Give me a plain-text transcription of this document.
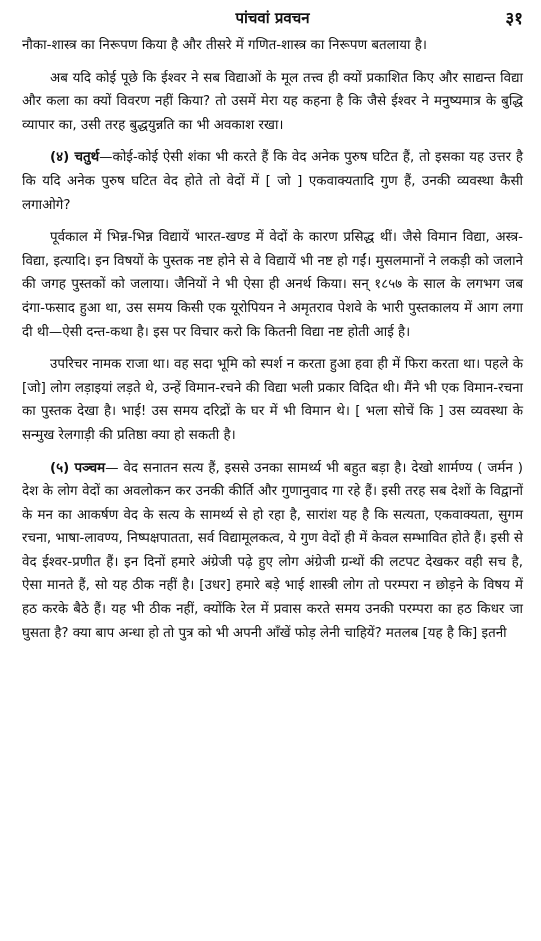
पांचवां प्रवचन	३१

नौका-शास्त्र का निरूपण किया है और तीसरे में गणित-शास्त्र का निरूपण बतलाया है।

अब यदि कोई पूछे कि ईश्वर ने सब विद्याओं के मूल तत्त्व ही क्यों प्रकाशित किए और साद्यन्त विद्या और कला का क्यों विवरण नहीं किया? तो उसमें मेरा यह कहना है कि जैसे ईश्वर ने मनुष्यमात्र के बुद्धि व्यापार का, उसी तरह बुद्धयुन्नति का भी अवकाश रखा।

(४) चतुर्थ—कोई-कोई ऐसी शंका भी करते हैं कि वेद अनेक पुरुष घटित हैं, तो इसका यह उत्तर है कि यदि अनेक पुरुष घटित वेद होते तो वेदों में [ जो ] एकवाक्यतादि गुण हैं, उनकी व्यवस्था कैसी लगाओगे?

पूर्वकाल में भिन्न-भिन्न विद्यायें भारत-खण्ड में वेदों के कारण प्रसिद्ध थीं। जैसे विमान विद्या, अस्त्र-विद्या, इत्यादि। इन विषयों के पुस्तक नष्ट होने से वे विद्यायें भी नष्ट हो गईं। मुसलमानों ने लकड़ी को जलाने की जगह पुस्तकों को जलाया। जैनियों ने भी ऐसा ही अनर्थ किया। सन् १८५७ के साल के लगभग जब दंगा-फसाद हुआ था, उस समय किसी एक यूरोपियन ने अमृतराव पेशवे के भारी पुस्तकालय में आग लगा दी थी—ऐसी दन्त-कथा है। इस पर विचार करो कि कितनी विद्या नष्ट होती आई है।

उपरिचर नामक राजा था। वह सदा भूमि को स्पर्श न करता हुआ हवा ही में फिरा करता था। पहले के [जो] लोग लड़ाइयां लड़ते थे, उन्हें विमान-रचने की विद्या भली प्रकार विदित थी। मैंने भी एक विमान-रचना का पुस्तक देखा है। भाई! उस समय दरिद्रों के घर में भी विमान थे। [ भला सोचें कि ] उस व्यवस्था के सन्मुख रेलगाड़ी की प्रतिष्ठा क्या हो सकती है।

(५) पञ्चम— वेद सनातन सत्य हैं, इससे उनका सामर्थ्य भी बहुत बड़ा है। देखो शार्मण्य ( जर्मन ) देश के लोग वेदों का अवलोकन कर उनकी कीर्ति और गुणानुवाद गा रहे हैं। इसी तरह सब देशों के विद्वानों के मन का आकर्षण वेद के सत्य के सामर्थ्य से हो रहा है, सारांश यह है कि सत्यता, एकवाक्यता, सुगम रचना, भाषा-लावण्य, निष्पक्षपातता, सर्व विद्यामूलकत्व, ये गुण वेदों ही में केवल सम्भावित होते हैं। इसी से वेद ईश्वर-प्रणीत हैं। इन दिनों हमारे अंग्रेजी पढ़े हुए लोग अंग्रेजी ग्रन्थों की लटपट देखकर वही सच है, ऐसा मानते हैं, सो यह ठीक नहीं है। [उधर] हमारे बड़े भाई शास्त्री लोग तो परम्परा न छोड़ने के विषय में हठ करके बैठे हैं। यह भी ठीक नहीं, क्योंकि रेल में प्रवास करते समय उनकी परम्परा का हठ किधर जा घुसता है? क्या बाप अन्धा हो तो पुत्र को भी अपनी आँखें फोड़ लेनी चाहियें? मतलब [यह है कि] इतनी
